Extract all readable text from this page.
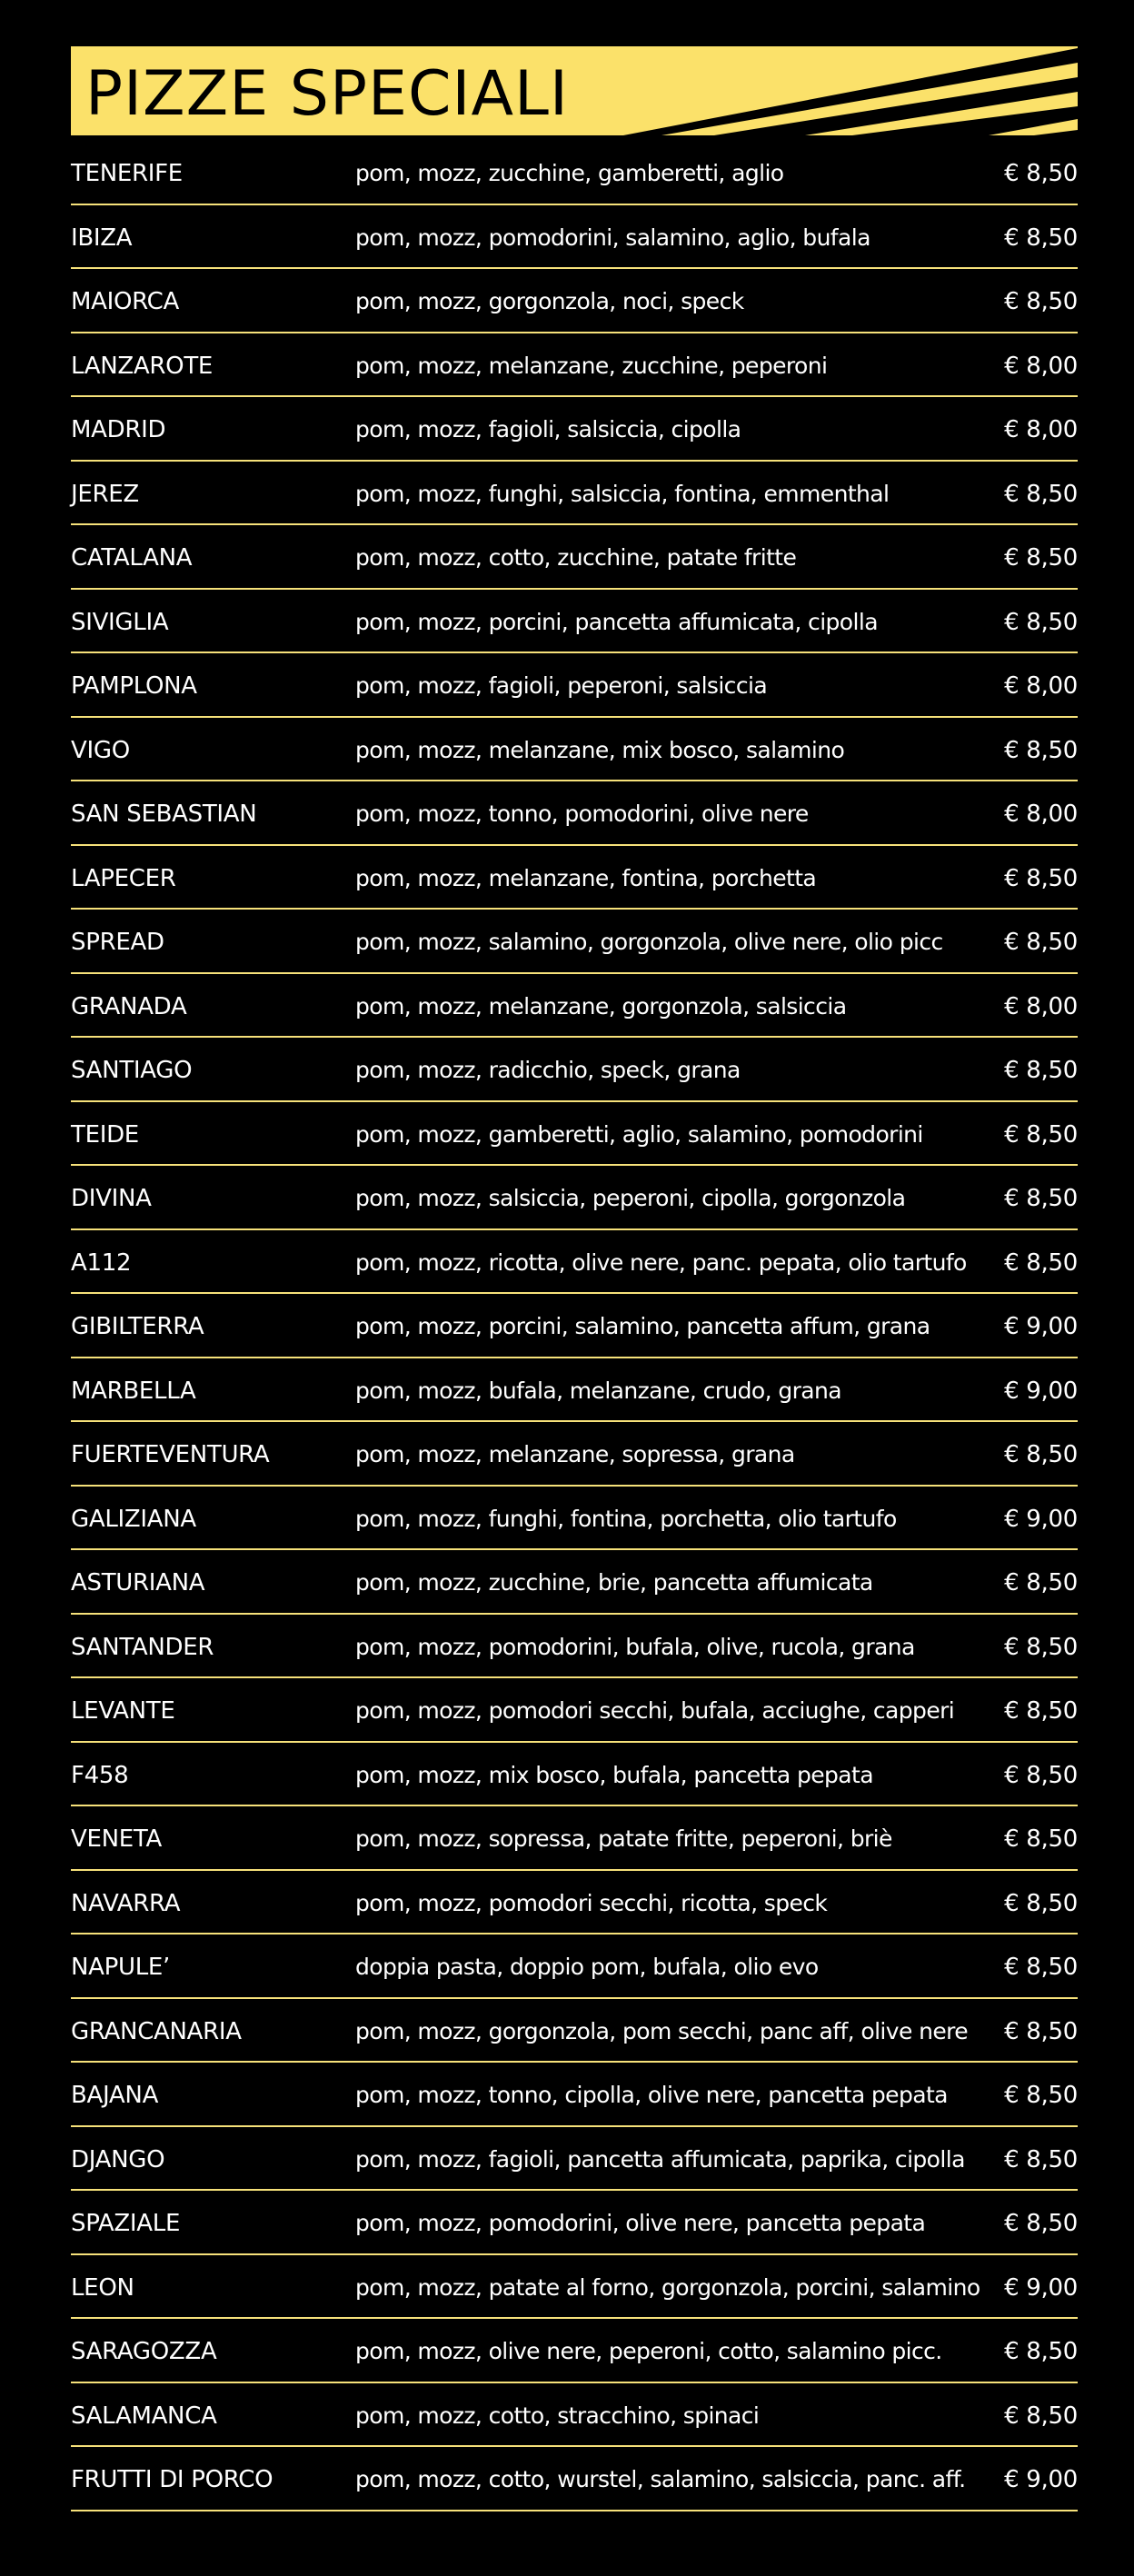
PIZZE SPECIALI
TENERIFE	pom, mozz, zucchine, gamberetti, aglio	€ 8,50
IBIZA	pom, mozz, pomodorini, salamino, aglio, bufala	€ 8,50
MAIORCA	pom, mozz, gorgonzola, noci, speck	€ 8,50
LANZAROTE	pom, mozz, melanzane, zucchine, peperoni	€ 8,00
MADRID	pom, mozz, fagioli, salsiccia, cipolla	€ 8,00
JEREZ	pom, mozz, funghi, salsiccia, fontina, emmenthal	€ 8,50
CATALANA	pom, mozz, cotto, zucchine, patate fritte	€ 8,50
SIVIGLIA	pom, mozz, porcini, pancetta affumicata, cipolla	€ 8,50
PAMPLONA	pom, mozz, fagioli, peperoni, salsiccia	€ 8,00
VIGO	pom, mozz, melanzane, mix bosco, salamino	€ 8,50
SAN SEBASTIAN	pom, mozz, tonno, pomodorini, olive nere	€ 8,00
LAPECER	pom, mozz, melanzane, fontina, porchetta	€ 8,50
SPREAD	pom, mozz, salamino, gorgonzola, olive nere, olio picc	€ 8,50
GRANADA	pom, mozz, melanzane, gorgonzola, salsiccia	€ 8,00
SANTIAGO	pom, mozz, radicchio, speck, grana	€ 8,50
TEIDE	pom, mozz, gamberetti, aglio, salamino, pomodorini	€ 8,50
DIVINA	pom, mozz, salsiccia, peperoni, cipolla, gorgonzola	€ 8,50
A112	pom, mozz, ricotta, olive nere, panc. pepata, olio tartufo € 8,50
GIBILTERRA	pom, mozz, porcini, salamino, pancetta affum, grana	€ 9,00
MARBELLA	pom, mozz, bufala, melanzane, crudo, grana	€ 9,00
FUERTEVENTURA	pom, mozz, melanzane, sopressa, grana	€ 8,50
GALIZIANA	pom, mozz, funghi, fontina, porchetta, olio tartufo	€ 9,00
ASTURIANA	pom, mozz, zucchine, brie, pancetta affumicata	€ 8,50
SANTANDER	pom, mozz, pomodorini, bufala, olive, rucola, grana	€ 8,50
LEVANTE	pom, mozz, pomodori secchi, bufala, acciughe, capperi € 8,50
F458	pom, mozz, mix bosco, bufala, pancetta pepata	€ 8,50
VENETA	pom, mozz, sopressa, patate fritte, peperoni, briè	€ 8,50
NAVARRA	pom, mozz, pomodori secchi, ricotta, speck	€ 8,50
NAPULE’	doppia pasta, doppio pom, bufala, olio evo	€ 8,50
GRANCANARIA	pom, mozz, gorgonzola, pom secchi, panc aff, olive nere € 8,50
BAJANA	pom, mozz, tonno, cipolla, olive nere, pancetta pepata € 8,50
DJANGO	pom, mozz, fagioli, pancetta affumicata, paprika, cipolla € 8,50
SPAZIALE	pom, mozz, pomodorini, olive nere, pancetta pepata	€ 8,50
LEON	pom, mozz, patate al forno, gorgonzola, porcini, salamino € 9,00
SARAGOZZA	pom, mozz, olive nere, peperoni, cotto, salamino picc.	€ 8,50
SALAMANCA	pom, mozz, cotto, stracchino, spinaci	€ 8,50
FRUTTI DI PORCO	pom, mozz, cotto, wurstel, salamino, salsiccia, panc. aff. € 9,00
